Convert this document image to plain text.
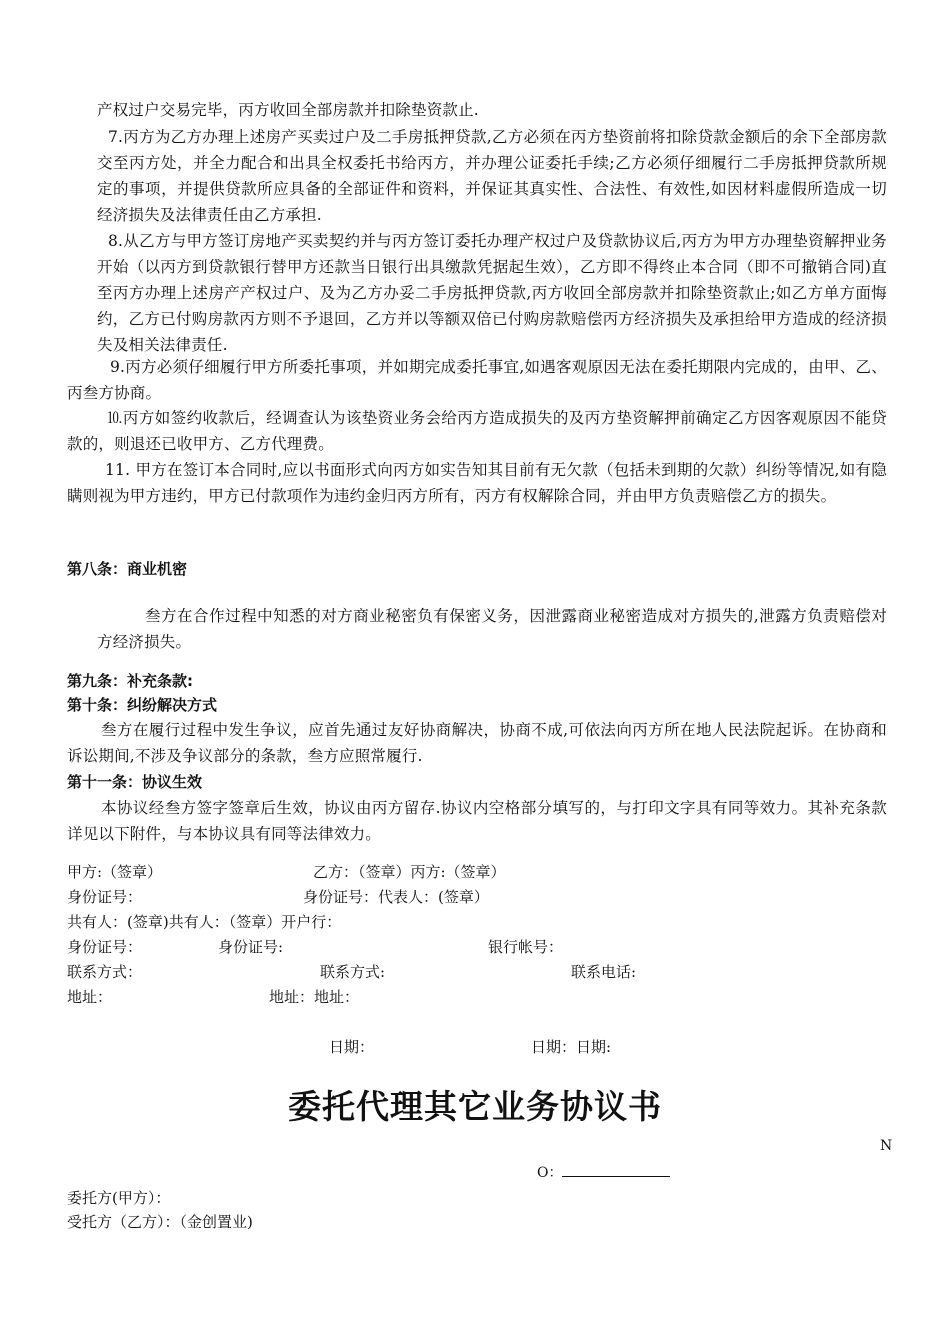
产权过户交易完毕，丙方收回全部房款并扣除垫资款止.
7.丙方为乙方办理上述房产买卖过户及二手房抵押贷款,乙方必须在丙方垫资前将扣除贷款金额后的余下全部房款交至丙方处，并全力配合和出具全权委托书给丙方，并办理公证委托手续;乙方必须仔细履行二手房抵押贷款所规定的事项，并提供贷款所应具备的全部证件和资料，并保证其真实性、合法性、有效性,如因材料虚假所造成一切经济损失及法律责任由乙方承担.
8.从乙方与甲方签订房地产买卖契约并与丙方签订委托办理产权过户及贷款协议后,丙方为甲方办理垫资解押业务开始（以丙方到贷款银行替甲方还款当日银行出具缴款凭据起生效），乙方即不得终止本合同（即不可撤销合同)直至丙方办理上述房产产权过户、及为乙方办妥二手房抵押贷款,丙方收回全部房款并扣除垫资款止;如乙方单方面悔约，乙方已付购房款丙方则不予退回，乙方并以等额双倍已付购房款赔偿丙方经济损失及承担给甲方造成的经济损失及相关法律责任.
9.丙方必须仔细履行甲方所委托事项，并如期完成委托事宜,如遇客观原因无法在委托期限内完成的，由甲、乙、丙叁方协商。
⒑丙方如签约收款后，经调查认为该垫资业务会给丙方造成损失的及丙方垫资解押前确定乙方因客观原因不能贷款的，则退还已收甲方、乙方代理费。
11. 甲方在签订本合同时,应以书面形式向丙方如实告知其目前有无欠款（包括未到期的欠款）纠纷等情况,如有隐瞒则视为甲方违约，甲方已付款项作为违约金归丙方所有，丙方有权解除合同，并由甲方负责赔偿乙方的损失。
第八条：商业机密
叁方在合作过程中知悉的对方商业秘密负有保密义务，因泄露商业秘密造成对方损失的,泄露方负责赔偿对方经济损失。
第九条：补充条款:
第十条：纠纷解决方式
叁方在履行过程中发生争议，应首先通过友好协商解决，协商不成,可依法向丙方所在地人民法院起诉。在协商和诉讼期间,不涉及争议部分的条款，叁方应照常履行.
第十一条：协议生效
本协议经叁方签字签章后生效，协议由丙方留存.协议内空格部分填写的，与打印文字具有同等效力。其补充条款详见以下附件，与本协议具有同等法律效力。
甲方:（签章）	乙方：（签章）丙方:（签章）
身份证号：	身份证号：代表人：(签章）
共有人：(签章)共有人：（签章）开户行：
身份证号：	身份证号:	银行帐号：
联系方式：	联系方式:	联系电话:
地址：	地址：地址：
日期：	日期：日期:
委托代理其它业务协议书
N
O：
委托方(甲方）：
受托方（乙方）：（金创置业)
